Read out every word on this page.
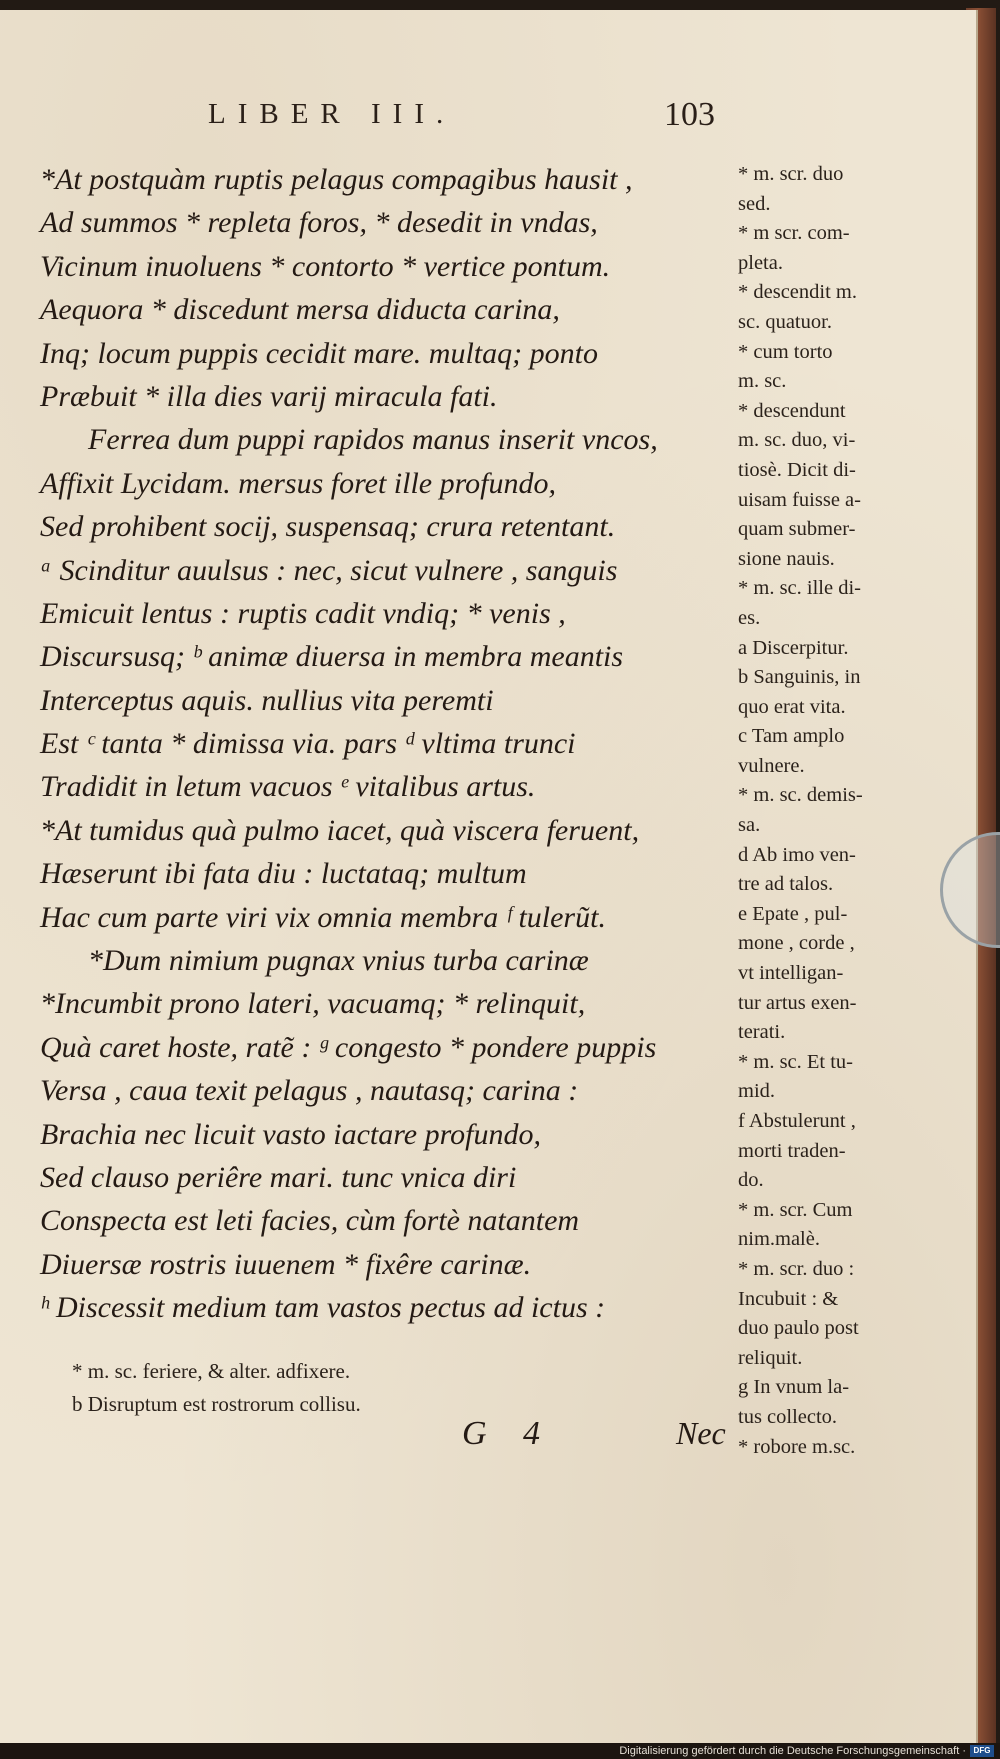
LIBER III.	103
*At postquàm ruptis pelagus compagibus hausit ,
Ad summos * repleta foros, * desedit in vndas,
Vicinum inuoluens * contorto * vertice pontum.
Aequora * discedunt mersa diducta carina,
Inq; locum puppis cecidit mare. multaq; ponto
Præbuit * illa dies varij miracula fati.
Ferrea dum puppi rapidos manus inserit vncos,
Affixit Lycidam. mersus foret ille profundo,
Sed prohibent socij, suspensaq; crura retentant.
ᵃ Scinditur auulsus : nec, sicut vulnere , sanguis
Emicuit lentus : ruptis cadit vndiq; * venis ,
Discursusq; ᵇ animæ diuersa in membra meantis
Interceptus aquis. nullius vita peremti
Est ᶜ tanta * dimissa via. pars ᵈ vltima trunci
Tradidit in letum vacuos ᵉ vitalibus artus.
*At tumidus quà pulmo iacet, quà viscera feruent,
Hæserunt ibi fata diu : luctataq; multum
Hac cum parte viri vix omnia membra ᶠ tulerũt.
*Dum nimium pugnax vnius turba carinæ
*Incumbit prono lateri, vacuamq; * relinquit,
Quà caret hoste, ratẽ : ᵍ congesto * pondere puppis
Versa , caua texit pelagus , nautasq; carina :
Brachia nec licuit vasto iactare profundo,
Sed clauso periêre mari. tunc vnica diri
Conspecta est leti facies, cùm fortè natantem
Diuersæ rostris iuuenem * fixêre carinæ.
ʰ Discessit medium tam vastos pectus ad ictus :
* m. scr. duo
sed.
* m scr. com-
pleta.
* descendit m.
sc. quatuor.
* cum torto
m. sc.
* descendunt
m. sc. duo, vi-
tiosè. Dicit di-
uisam fuisse a-
quam submer-
sione nauis.
* m. sc. ille di-
es.
a Discerpitur.
b Sanguinis, in
quo erat vita.
c Tam amplo
vulnere.
* m. sc. demis-
sa.
d Ab imo ven-
tre ad talos.
e Epate , pul-
mone , corde ,
vt intelligan-
tur artus exen-
terati.
* m. sc. Et tu-
mid.
f Abstulerunt ,
morti traden-
do.
* m. scr. Cum
nim.malè.
* m. scr. duo :
Incubuit : &
duo paulo post
reliquit.
g In vnum la-
tus collecto.
* robore m.sc.
* m. sc. feriere, & alter. adfixere.
b Disruptum est rostrorum collisu.
G 4	Nec
Digitalisierung gefördert durch die Deutsche Forschungsgemeinschaft · DFG
